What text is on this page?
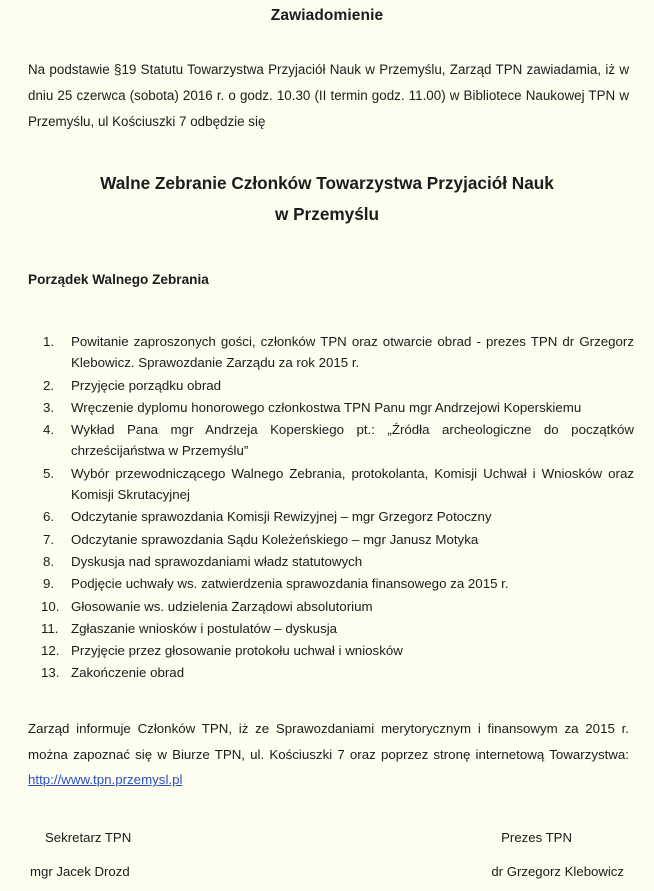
Zawiadomienie

Na podstawie §19 Statutu Towarzystwa Przyjaciół Nauk w Przemyślu, Zarząd TPN zawiadamia, iż w dniu 25 czerwca (sobota) 2016 r. o godz. 10.30 (II termin godz. 11.00) w Bibliotece Naukowej TPN w Przemyślu, ul Kościuszki 7 odbędzie się

Walne Zebranie Członków Towarzystwa Przyjaciół Nauk
w Przemyślu
Porządek Walnego Zebrania
1.	Powitanie zaproszonych gości, członków TPN oraz otwarcie obrad - prezes TPN dr Grzegorz Klebowicz. Sprawozdanie Zarządu za rok 2015 r.
2.	Przyjęcie porządku obrad
3.	Wręczenie dyplomu honorowego członkostwa TPN Panu mgr Andrzejowi Koperskiemu
4.	Wykład Pana mgr Andrzeja Koperskiego pt.: „Źródła archeologiczne do początków chrześcijaństwa w Przemyślu”
5.	Wybór przewodniczącego Walnego Zebrania, protokolanta, Komisji Uchwał i Wniosków oraz Komisji Skrutacyjnej
6.	Odczytanie sprawozdania Komisji Rewizyjnej – mgr Grzegorz Potoczny
7.	Odczytanie sprawozdania Sądu Koleżeńskiego – mgr Janusz Motyka
8.	Dyskusja nad sprawozdaniami władz statutowych
9.	Podjęcie uchwały ws. zatwierdzenia sprawozdania finansowego za 2015 r.
10. Głosowanie ws. udzielenia Zarządowi absolutorium
11. Zgłaszanie wniosków i postulatów – dyskusja
12. Przyjęcie przez głosowanie protokołu uchwał i wniosków
13. Zakończenie obrad

Zarząd informuje Członków TPN, iż ze Sprawozdaniami merytorycznym i finansowym za 2015 r. można zapoznać się w Biurze TPN, ul. Kościuszki 7 oraz poprzez stronę internetową Towarzystwa: http://www.tpn.przemysl.pl

Sekretarz TPN	Prezes TPN
mgr Jacek Drozd	dr Grzegorz Klebowicz
